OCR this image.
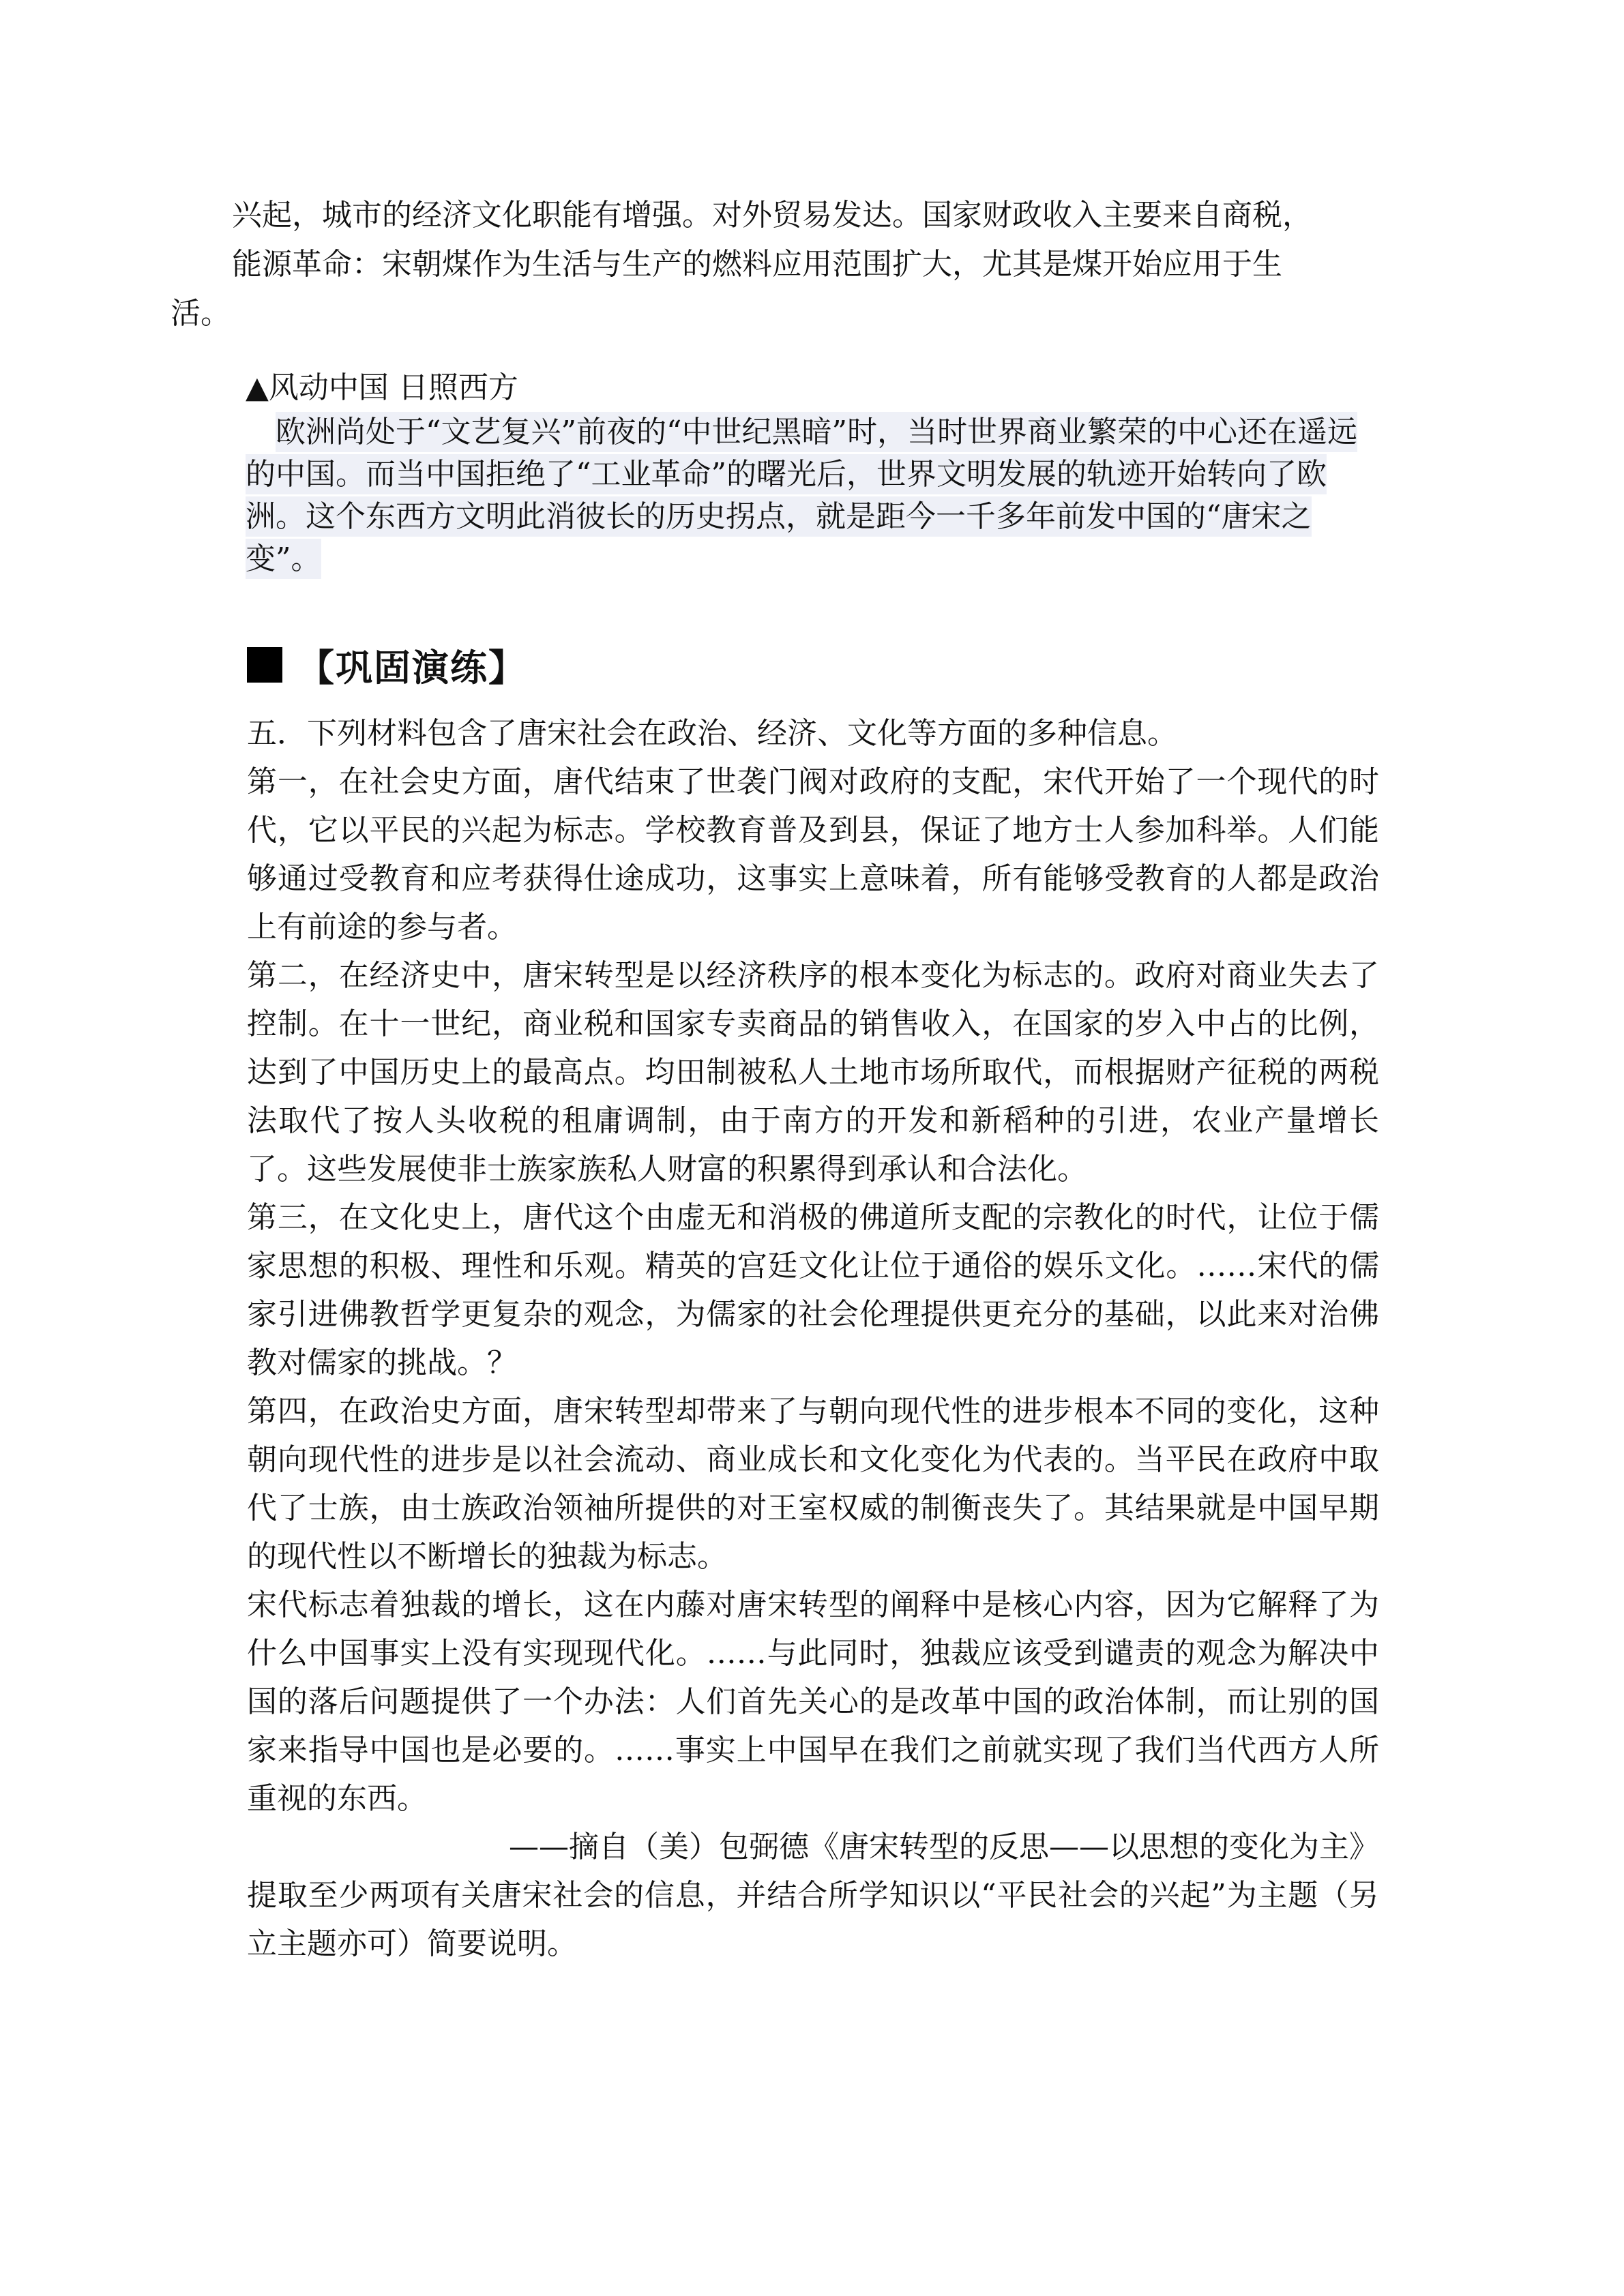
兴起，城市的经济文化职能有增强。对外贸易发达。国家财政收入主要来自商税，
能源革命：宋朝煤作为生活与生产的燃料应用范围扩大，尤其是煤开始应用于生
活。
▲风动中国 日照西方

欧洲尚处于“文艺复兴”前夜的“中世纪黑暗”时，当时世界商业繁荣的中心还在遥远的中国。而当中国拒绝了“工业革命”的曙光后，世界文明发展的轨迹开始转向了欧洲。这个东西方文明此消彼长的历史拐点，就是距今一千多年前发中国的“唐宋之变”。

【巩固演练】

五．下列材料包含了唐宋社会在政治、经济、文化等方面的多种信息。

第一，在社会史方面，唐代结束了世袭门阀对政府的支配，宋代开始了一个现代的时代，它以平民的兴起为标志。学校教育普及到县，保证了地方士人参加科举。人们能够通过受教育和应考获得仕途成功，这事实上意味着，所有能够受教育的人都是政治上有前途的参与者。

第二，在经济史中，唐宋转型是以经济秩序的根本变化为标志的。政府对商业失去了控制。在十一世纪，商业税和国家专卖商品的销售收入，在国家的岁入中占的比例，达到了中国历史上的最高点。均田制被私人土地市场所取代，而根据财产征税的两税法取代了按人头收税的租庸调制，由于南方的开发和新稻种的引进，农业产量增长了。这些发展使非士族家族私人财富的积累得到承认和合法化。

第三，在文化史上，唐代这个由虚无和消极的佛道所支配的宗教化的时代，让位于儒家思想的积极、理性和乐观。精英的宫廷文化让位于通俗的娱乐文化。……宋代的儒家引进佛教哲学更复杂的观念，为儒家的社会伦理提供更充分的基础，以此来对治佛教对儒家的挑战。？

第四，在政治史方面，唐宋转型却带来了与朝向现代性的进步根本不同的变化，这种朝向现代性的进步是以社会流动、商业成长和文化变化为代表的。当平民在政府中取代了士族，由士族政治领袖所提供的对王室权威的制衡丧失了。其结果就是中国早期的现代性以不断增长的独裁为标志。

宋代标志着独裁的增长，这在内藤对唐宋转型的阐释中是核心内容，因为它解释了为什么中国事实上没有实现现代化。……与此同时，独裁应该受到谴责的观念为解决中国的落后问题提供了一个办法：人们首先关心的是改革中国的政治体制，而让别的国家来指导中国也是必要的。……事实上中国早在我们之前就实现了我们当代西方人所重视的东西。

——摘自（美）包弼德《唐宋转型的反思——以思想的变化为主》

提取至少两项有关唐宋社会的信息，并结合所学知识以“平民社会的兴起”为主题（另立主题亦可）简要说明。
